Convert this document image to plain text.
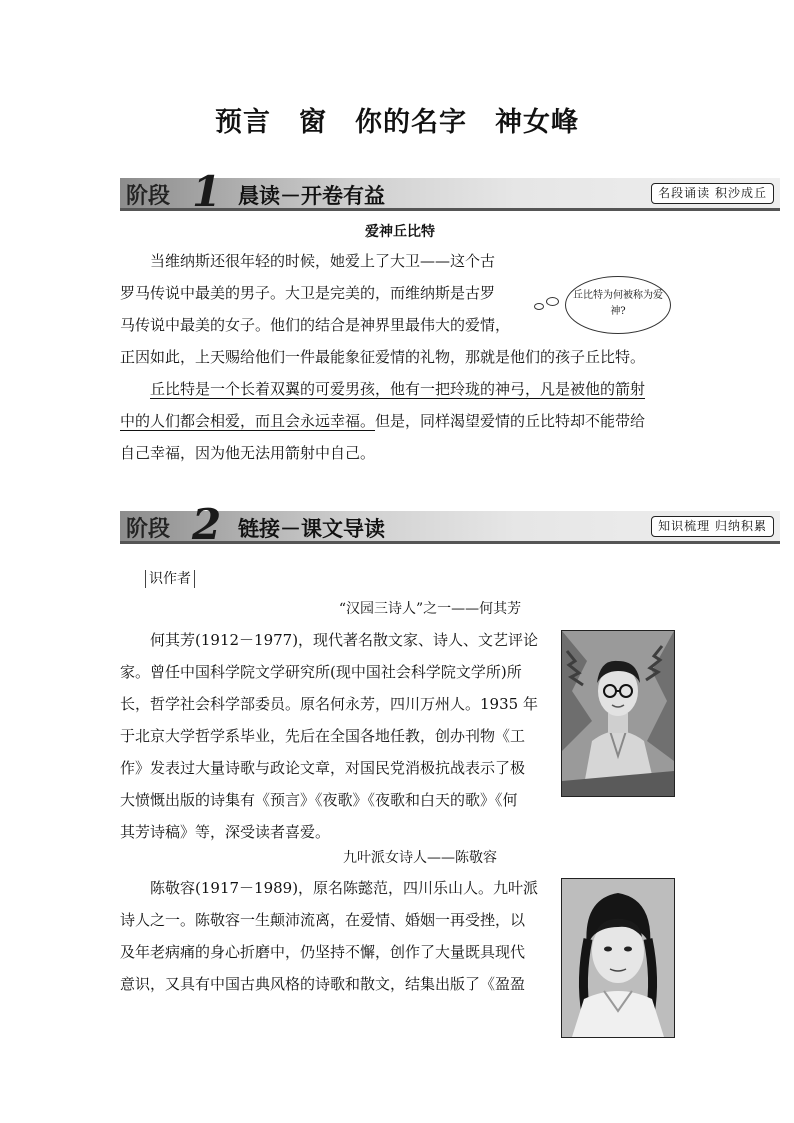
预言　窗　你的名字　神女峰
阶段 1 晨读－开卷有益	名段诵读 积沙成丘
爱神丘比特
当维纳斯还很年轻的时候，她爱上了大卫——这个古
罗马传说中最美的男子。大卫是完美的，而维纳斯是古罗
马传说中最美的女子。他们的结合是神界里最伟大的爱情，
正因如此，上天赐给他们一件最能象征爱情的礼物，那就是他们的孩子丘比特。
丘比特是一个长着双翼的可爱男孩，他有一把玲珑的神弓，凡是被他的箭射
中的人们都会相爱，而且会永远幸福。但是，同样渴望爱情的丘比特却不能带给
自己幸福，因为他无法用箭射中自己。
丘比特为何被称为爱神?
阶段 2 链接－课文导读	知识梳理 归纳积累
识作者
“汉园三诗人”之一——何其芳
何其芳(1912－1977)，现代著名散文家、诗人、文艺评论
家。曾任中国科学院文学研究所(现中国社会科学院文学所)所
长，哲学社会科学部委员。原名何永芳，四川万州人。1935 年
于北京大学哲学系毕业，先后在全国各地任教，创办刊物《工
作》发表过大量诗歌与政论文章，对国民党消极抗战表示了极
大愤慨出版的诗集有《预言》《夜歌》《夜歌和白天的歌》《何
其芳诗稿》等，深受读者喜爱。
九叶派女诗人——陈敬容
陈敬容(1917－1989)，原名陈懿范，四川乐山人。九叶派
诗人之一。陈敬容一生颠沛流离，在爱情、婚姻一再受挫，以
及年老病痛的身心折磨中，仍坚持不懈，创作了大量既具现代
意识，又具有中国古典风格的诗歌和散文，结集出版了《盈盈
